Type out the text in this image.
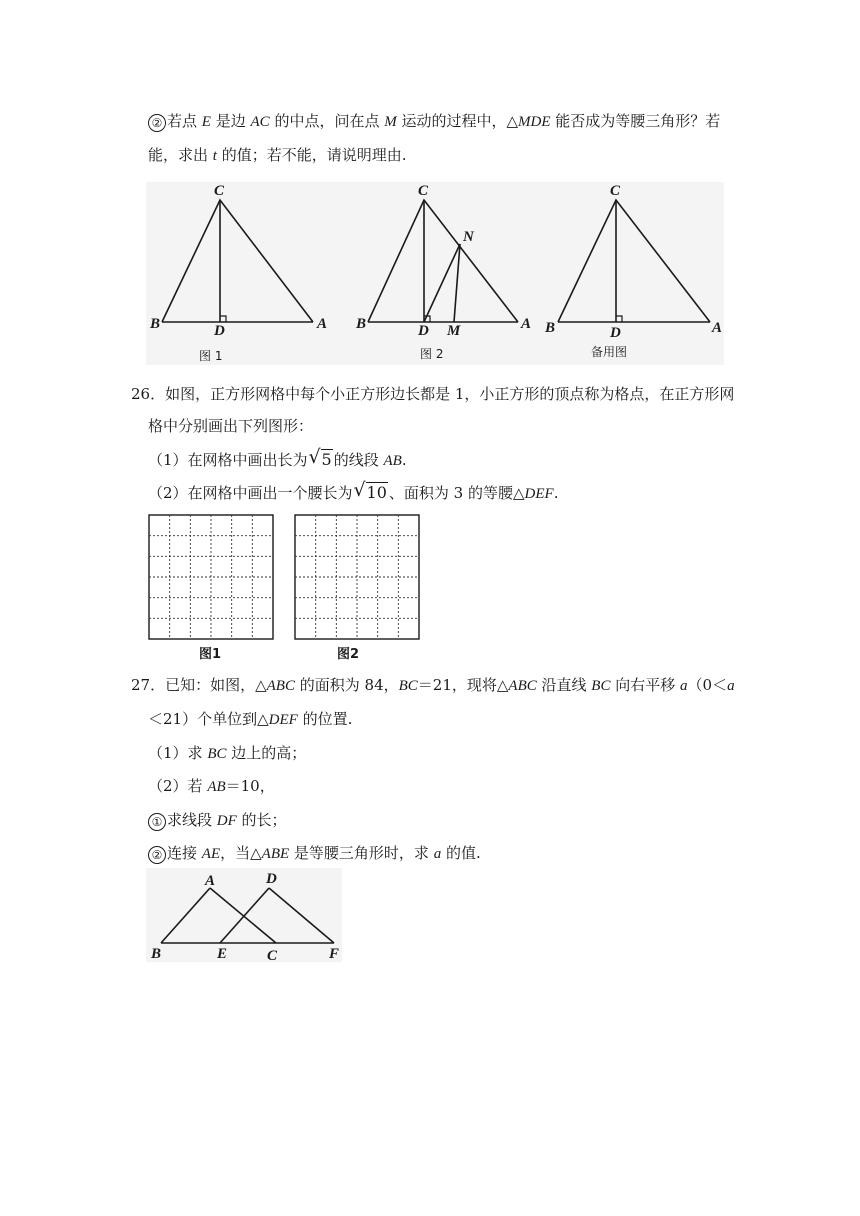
② 若点 E 是边 AC 的中点，问在点 M 运动的过程中，△MDE 能否成为等腰三角形？若
能，求出 t 的值；若不能，请说明理由.
C
B	D	A
图 1
C
N
B	D M	A
图 2
C
B	D	A
备用图
26．如图，正方形网格中每个小正方形边长都是 1，小正方形的顶点称为格点，在正方形网
格中分别画出下列图形：
（1）在网格中画出长为 √ 5 的线段 AB.
（2）在网格中画出一个腰长为 √ 10 、面积为 3 的等腰△DEF.
图1	图2
27．已知：如图，△ABC 的面积为 84，BC＝21，现将△ABC 沿直线 BC 向右平移 a（0＜a
＜21）个单位到△DEF 的位置.
（1）求 BC 边上的高；
（2）若 AB＝10，
① 求线段 DF 的长；
② 连接 AE，当△ABE 是等腰三角形时，求 a 的值.
A	D
B	E	C	F
